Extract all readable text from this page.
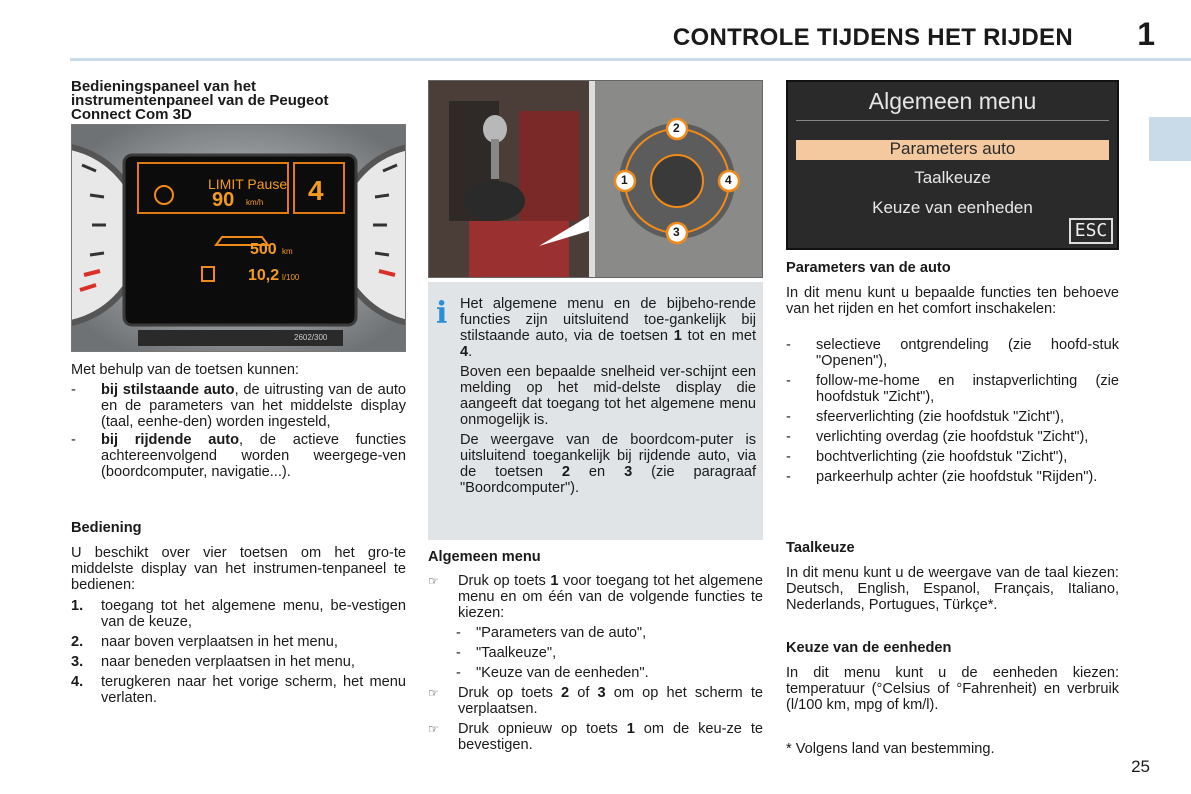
CONTROLE TIJDENS HET RIJDEN 1
Bedieningspaneel van het instrumentenpaneel van de Peugeot Connect Com 3D
LIMIT Pause
90 km/h 4
500 km
10,2 l/100
2602/300
Met behulp van de toetsen kunnen:
-	bij stilstaande auto, de uitrusting van de auto en de parameters van het middelste display (taal, eenhe-den) worden ingesteld,
-	bij rijdende auto, de actieve functies achtereenvolgend worden weergege-ven (boordcomputer, navigatie...).
Bediening
U beschikt over vier toetsen om het gro-te middelste display van het instrumen-tenpaneel te bedienen:
1.	toegang tot het algemene menu, be-vestigen van de keuze,
2.	naar boven verplaatsen in het menu,
3.	naar beneden verplaatsen in het menu,
4.	terugkeren naar het vorige scherm, het menu verlaten.
2
3
1	4
i Het algemene menu en de bijbeho-rende functies zijn uitsluitend toe-gankelijk bij stilstaande auto, via de toetsen 1 tot en met 4.
Boven een bepaalde snelheid ver-schijnt een melding op het mid-delste display die aangeeft dat toegang tot het algemene menu onmogelijk is.
De weergave van de boordcom-puter is uitsluitend toegankelijk bij rijdende auto, via de toetsen 2 en 3 (zie paragraaf "Boordcomputer").
Algemeen menu
☞	Druk op toets 1 voor toegang tot het algemene menu en om één van de volgende functies te kiezen:
-	"Parameters van de auto",
-	"Taalkeuze",
-	"Keuze van de eenheden".
☞	Druk op toets 2 of 3 om op het scherm te verplaatsen.
☞	Druk opnieuw op toets 1 om de keu-ze te bevestigen.
Algemeen menu
Parameters auto
Taalkeuze
Keuze van eenheden
ESC
Parameters van de auto
In dit menu kunt u bepaalde functies ten behoeve van het rijden en het comfort inschakelen:
-	selectieve ontgrendeling (zie hoofd-stuk "Openen"),
-	follow-me-home en instapverlichting (zie hoofdstuk "Zicht"),
-	sfeerverlichting (zie hoofdstuk "Zicht"),
-	verlichting overdag (zie hoofdstuk "Zicht"),
-	bochtverlichting (zie hoofdstuk "Zicht"),
-	parkeerhulp achter (zie hoofdstuk "Rijden").
Taalkeuze
In dit menu kunt u de weergave van de taal kiezen: Deutsch, English, Espanol, Français, Italiano, Nederlands, Portugues, Türkçe*.
Keuze van de eenheden
In dit menu kunt u de eenheden kiezen: temperatuur (°Celsius of °Fahrenheit) en verbruik (l/100 km, mpg of km/l).
* Volgens land van bestemming.
25
